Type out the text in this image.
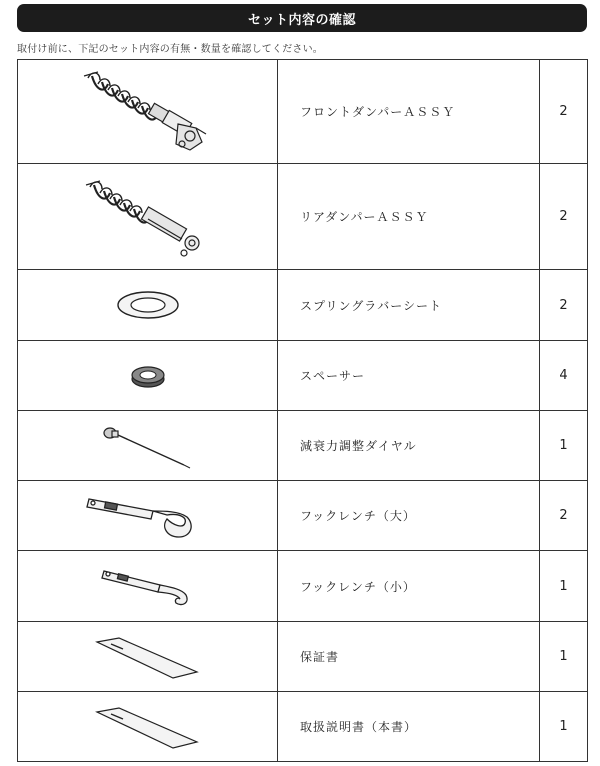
セット内容の確認
取付け前に、下記のセット内容の有無・数量を確認してください。
	フロントダンパーＡＳＳＹ	2

	リアダンパーＡＳＳＹ	2

	スプリングラバーシート	2

	スペーサー	4

	減衰力調整ダイヤル	1

	フックレンチ（大）	2

	フックレンチ（小）	1

	保証書	1

	取扱説明書（本書）	1
